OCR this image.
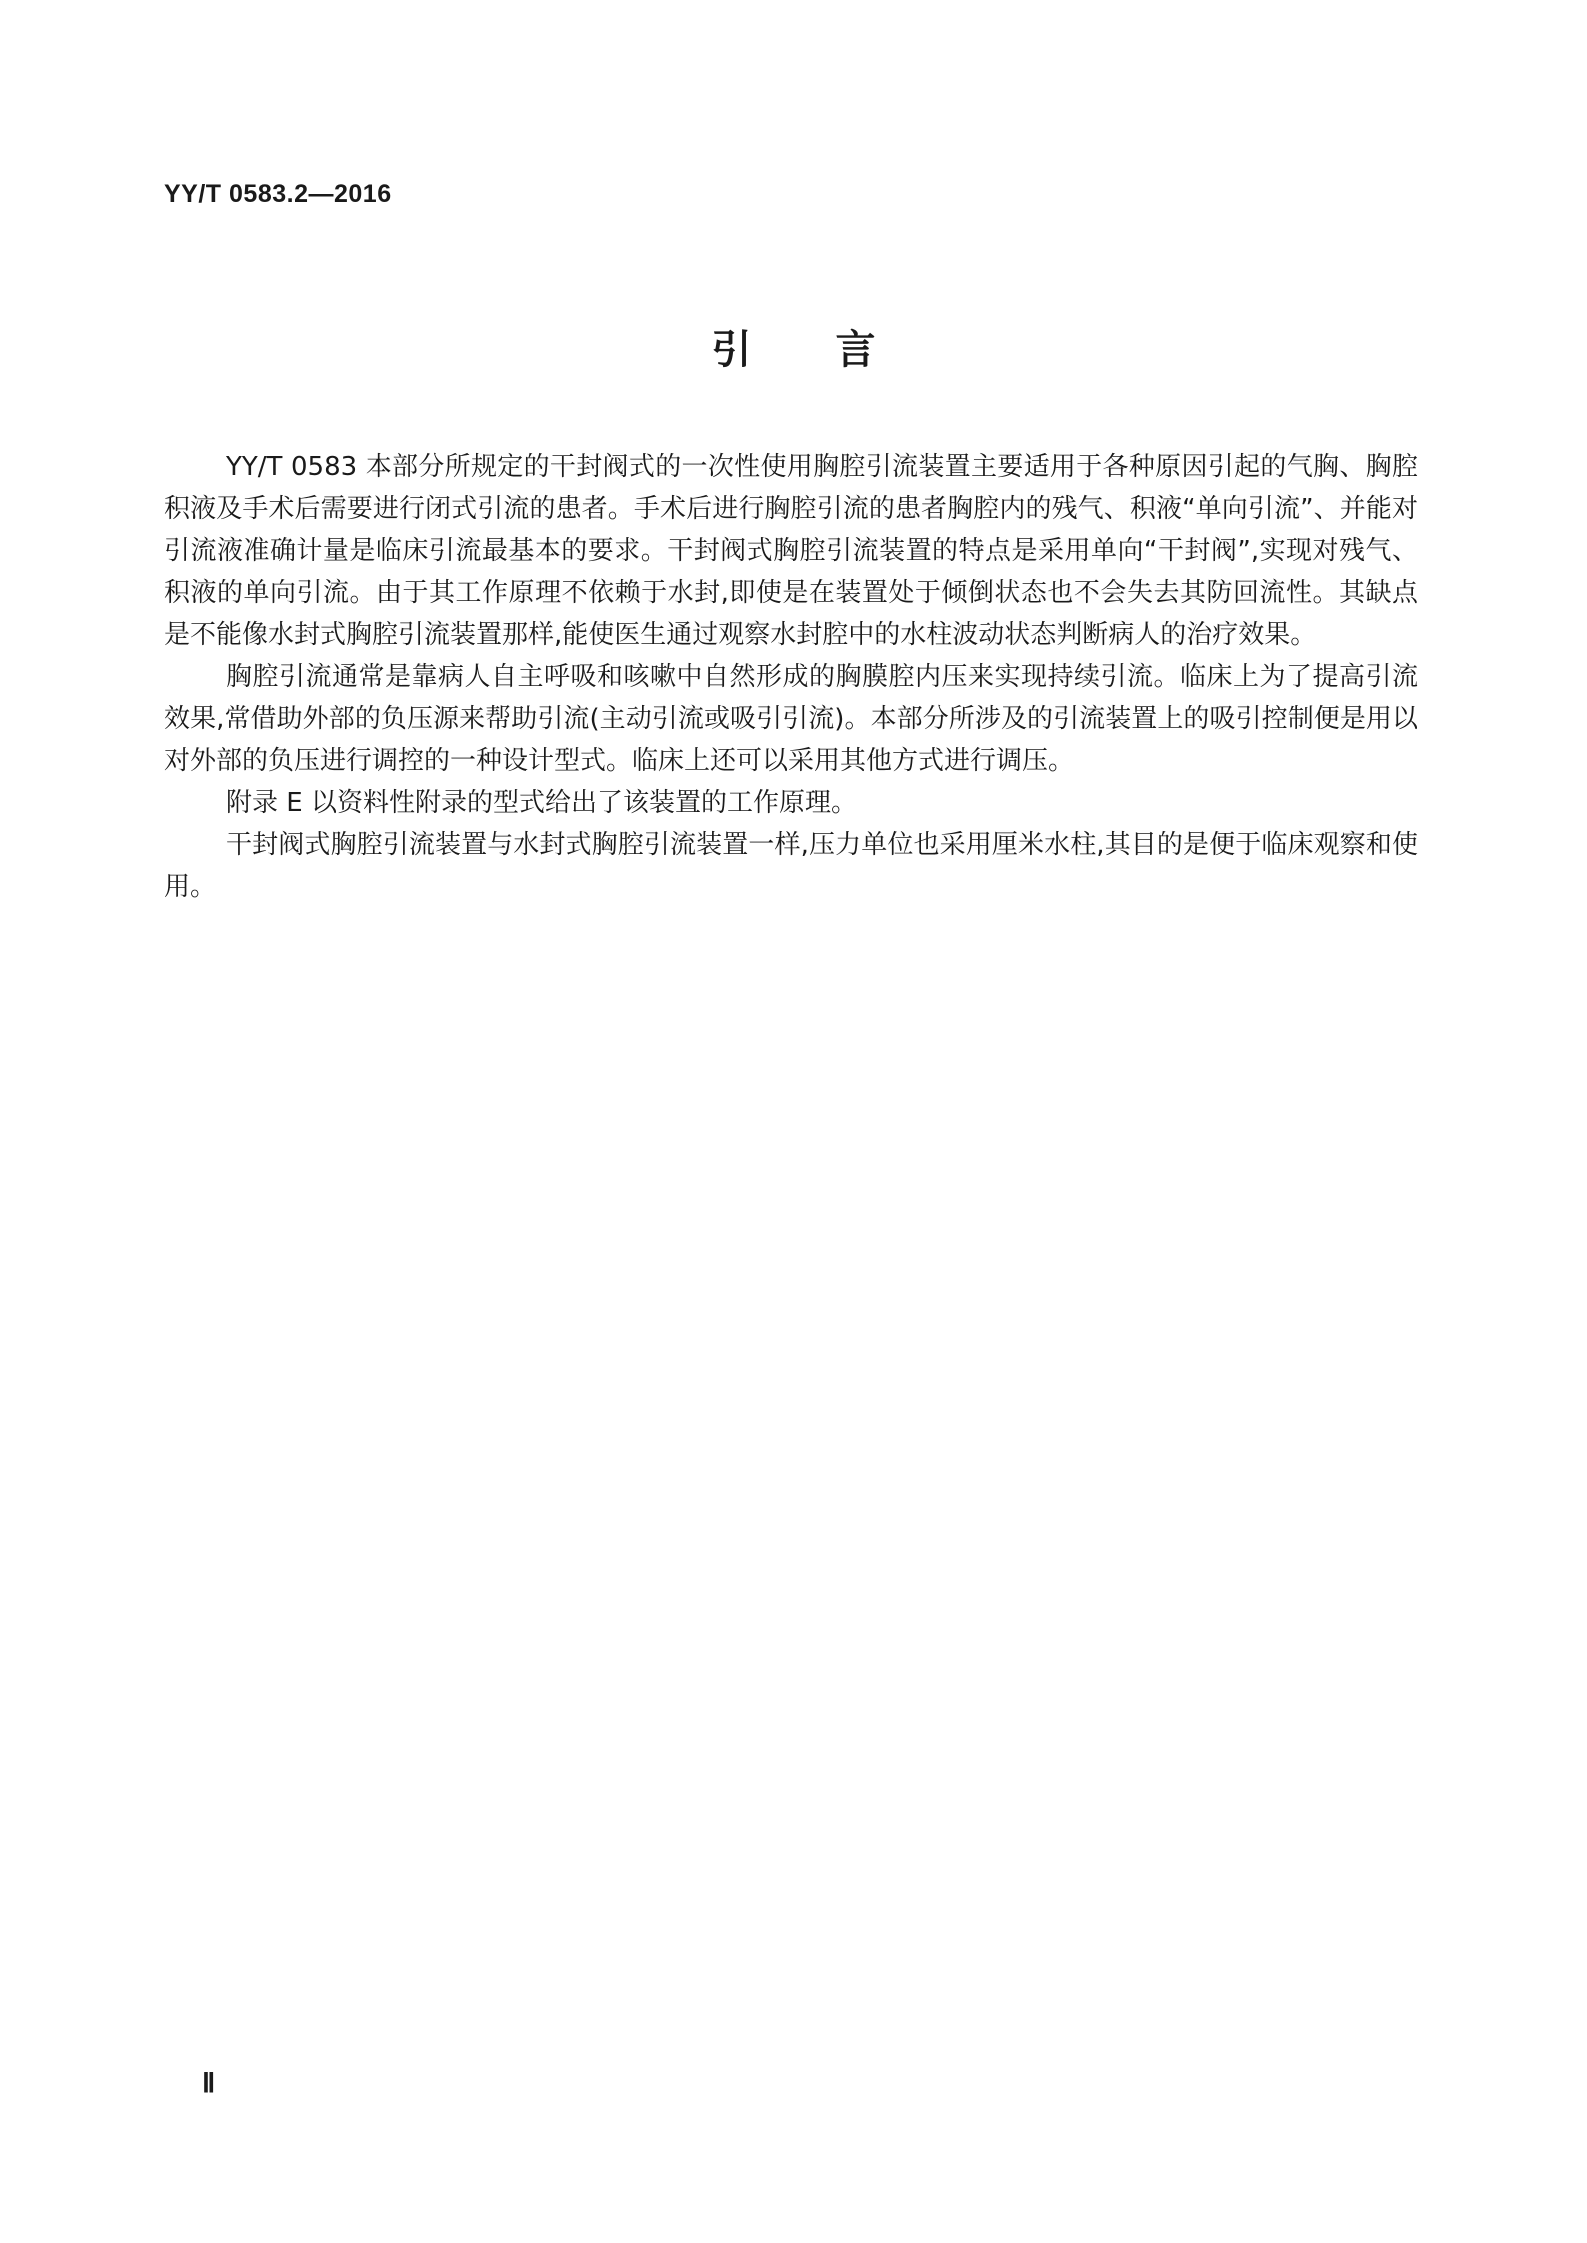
YY/T 0583.2—2016
引言

YY/T 0583 本部分所规定的干封阀式的一次性使用胸腔引流装置主要适用于各种原因引起的气胸、胸腔积液及手术后需要进行闭式引流的患者。手术后进行胸腔引流的患者胸腔内的残气、积液“单向引流”、并能对引流液准确计量是临床引流最基本的要求。干封阀式胸腔引流装置的特点是采用单向“干封阀”,实现对残气、积液的单向引流。由于其工作原理不依赖于水封,即使是在装置处于倾倒状态也不会失去其防回流性。其缺点是不能像水封式胸腔引流装置那样,能使医生通过观察水封腔中的水柱波动状态判断病人的治疗效果。

胸腔引流通常是靠病人自主呼吸和咳嗽中自然形成的胸膜腔内压来实现持续引流。临床上为了提高引流效果,常借助外部的负压源来帮助引流(主动引流或吸引引流)。本部分所涉及的引流装置上的吸引控制便是用以对外部的负压进行调控的一种设计型式。临床上还可以采用其他方式进行调压。

附录 E 以资料性附录的型式给出了该装置的工作原理。

干封阀式胸腔引流装置与水封式胸腔引流装置一样,压力单位也采用厘米水柱,其目的是便于临床观察和使用。

Ⅱ
